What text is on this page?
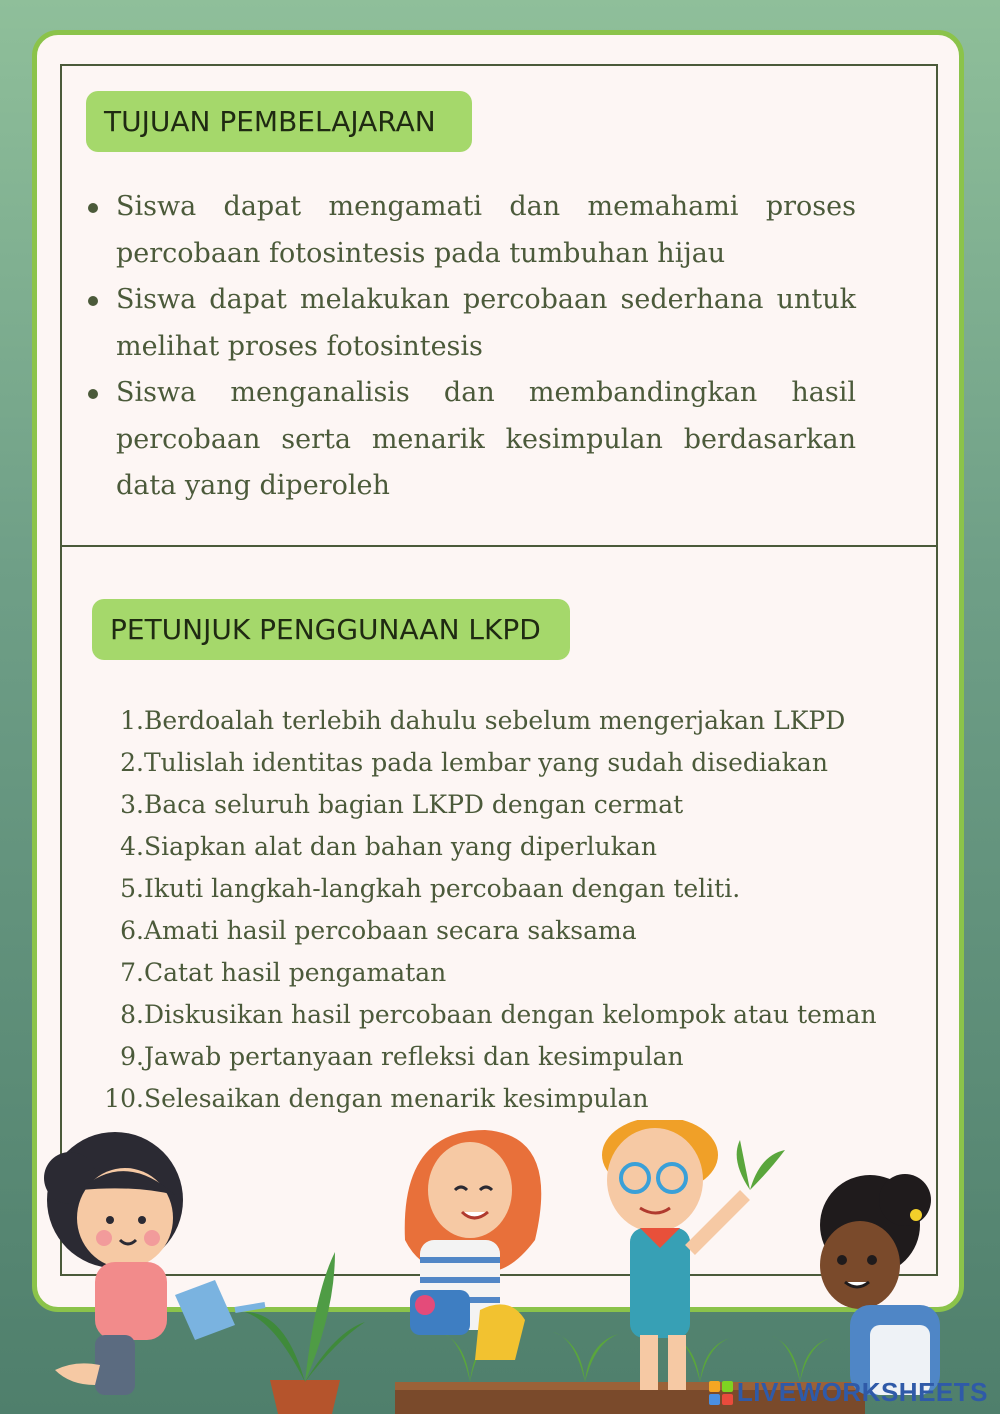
TUJUAN PEMBELAJARAN
Siswa dapat mengamati dan memahami proses percobaan fotosintesis pada tumbuhan hijau
Siswa dapat melakukan percobaan sederhana untuk melihat proses fotosintesis
Siswa menganalisis dan membandingkan hasil percobaan serta menarik kesimpulan berdasarkan data yang diperoleh
PETUNJUK PENGGUNAAN LKPD
1. Berdoalah terlebih dahulu sebelum mengerjakan LKPD
2. Tulislah identitas pada lembar yang sudah disediakan
3. Baca seluruh bagian LKPD dengan cermat
4. Siapkan alat dan bahan yang diperlukan
5. Ikuti langkah-langkah percobaan dengan teliti.
6. Amati hasil percobaan secara saksama
7. Catat hasil pengamatan
8. Diskusikan hasil percobaan dengan kelompok atau teman
9. Jawab pertanyaan refleksi dan kesimpulan
10. Selesaikan dengan menarik kesimpulan
LIVEWORKSHEETS
